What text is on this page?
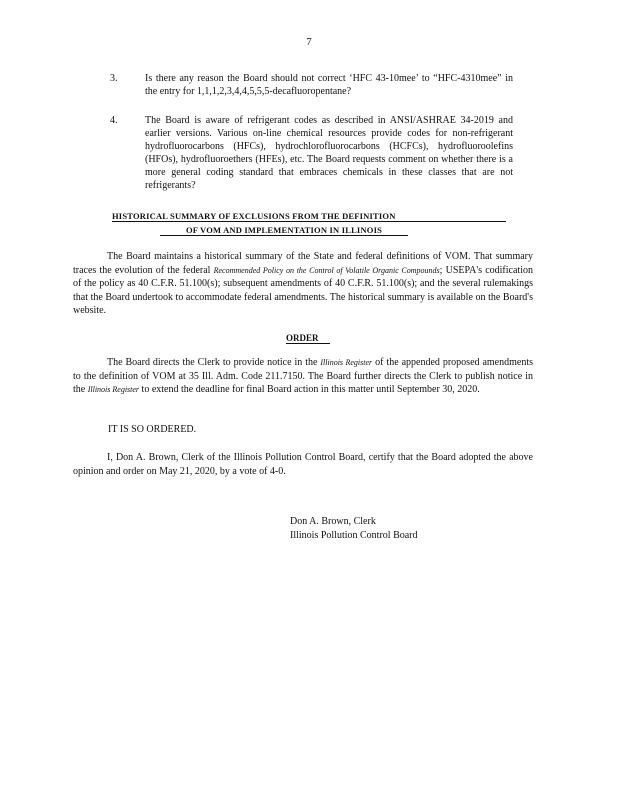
7
3.	Is there any reason the Board should not correct ‘HFC 43-10mee’ to “HFC-4310mee” in the entry for 1,1,1,2,3,4,4,5,5,5-decafluoropentane?
4.	The Board is aware of refrigerant codes as described in ANSI/ASHRAE 34-2019 and earlier versions. Various on-line chemical resources provide codes for non-refrigerant hydrofluorocarbons (HFCs), hydrochlorofluorocarbons (HCFCs), hydrofluoroolefins (HFOs), hydrofluoroethers (HFEs), etc. The Board requests comment on whether there is a more general coding standard that embraces chemicals in these classes that are not refrigerants?
HISTORICAL SUMMARY OF EXCLUSIONS FROM THE DEFINITION
OF VOM AND IMPLEMENTATION IN ILLINOIS
The Board maintains a historical summary of the State and federal definitions of VOM. That summary traces the evolution of the federal Recommended Policy on the Control of Volatile Organic Compounds; USEPA's codification of the policy as 40 C.F.R. 51.100(s); subsequent amendments of 40 C.F.R. 51.100(s); and the several rulemakings that the Board undertook to accommodate federal amendments. The historical summary is available on the Board's website.
ORDER
The Board directs the Clerk to provide notice in the Illinois Register of the appended proposed amendments to the definition of VOM at 35 Ill. Adm. Code 211.7150. The Board further directs the Clerk to publish notice in the Illinois Register to extend the deadline for final Board action in this matter until September 30, 2020.
IT IS SO ORDERED.
I, Don A. Brown, Clerk of the Illinois Pollution Control Board, certify that the Board adopted the above opinion and order on May 21, 2020, by a vote of 4-0.
Don A. Brown, Clerk
Illinois Pollution Control Board
